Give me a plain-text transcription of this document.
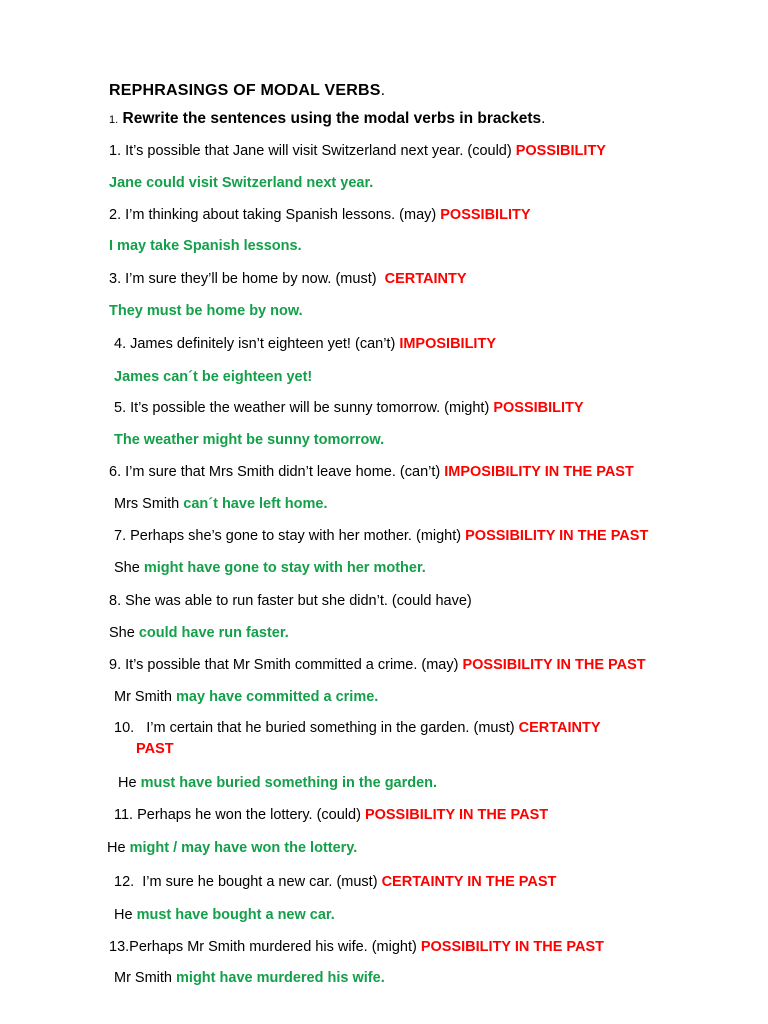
REPHRASINGS OF MODAL VERBS.
1. Rewrite the sentences using the modal verbs in brackets.
1. It’s possible that Jane will visit Switzerland next year. (could) POSSIBILITY
Jane could visit Switzerland next year.
2. I’m thinking about taking Spanish lessons. (may) POSSIBILITY
I may take Spanish lessons.
3. I’m sure they’ll be home by now. (must) CERTAINTY
They must be home by now.
4. James definitely isn’t eighteen yet! (can’t) IMPOSIBILITY
James can´t be eighteen yet!
5. It’s possible the weather will be sunny tomorrow. (might) POSSIBILITY
The weather might be sunny tomorrow.
6. I’m sure that Mrs Smith didn’t leave home. (can’t) IMPOSIBILITY IN THE PAST
Mrs Smith can´t have left home.
7. Perhaps she’s gone to stay with her mother. (might) POSSIBILITY IN THE PAST
She might have gone to stay with her mother.
8. She was able to run faster but she didn’t. (could have)
She could have run faster.
9. It’s possible that Mr Smith committed a crime. (may) POSSIBILITY IN THE PAST
Mr Smith may have committed a crime.
10.   I’m certain that he buried something in the garden. (must) CERTAINTY
PAST
He must have buried something in the garden.
11. Perhaps he won the lottery. (could) POSSIBILITY IN THE PAST
He might / may have won the lottery.
12.  I’m sure he bought a new car. (must) CERTAINTY IN THE PAST
He must have bought a new car.
13.Perhaps Mr Smith murdered his wife. (might) POSSIBILITY IN THE PAST
Mr Smith might have murdered his wife.
